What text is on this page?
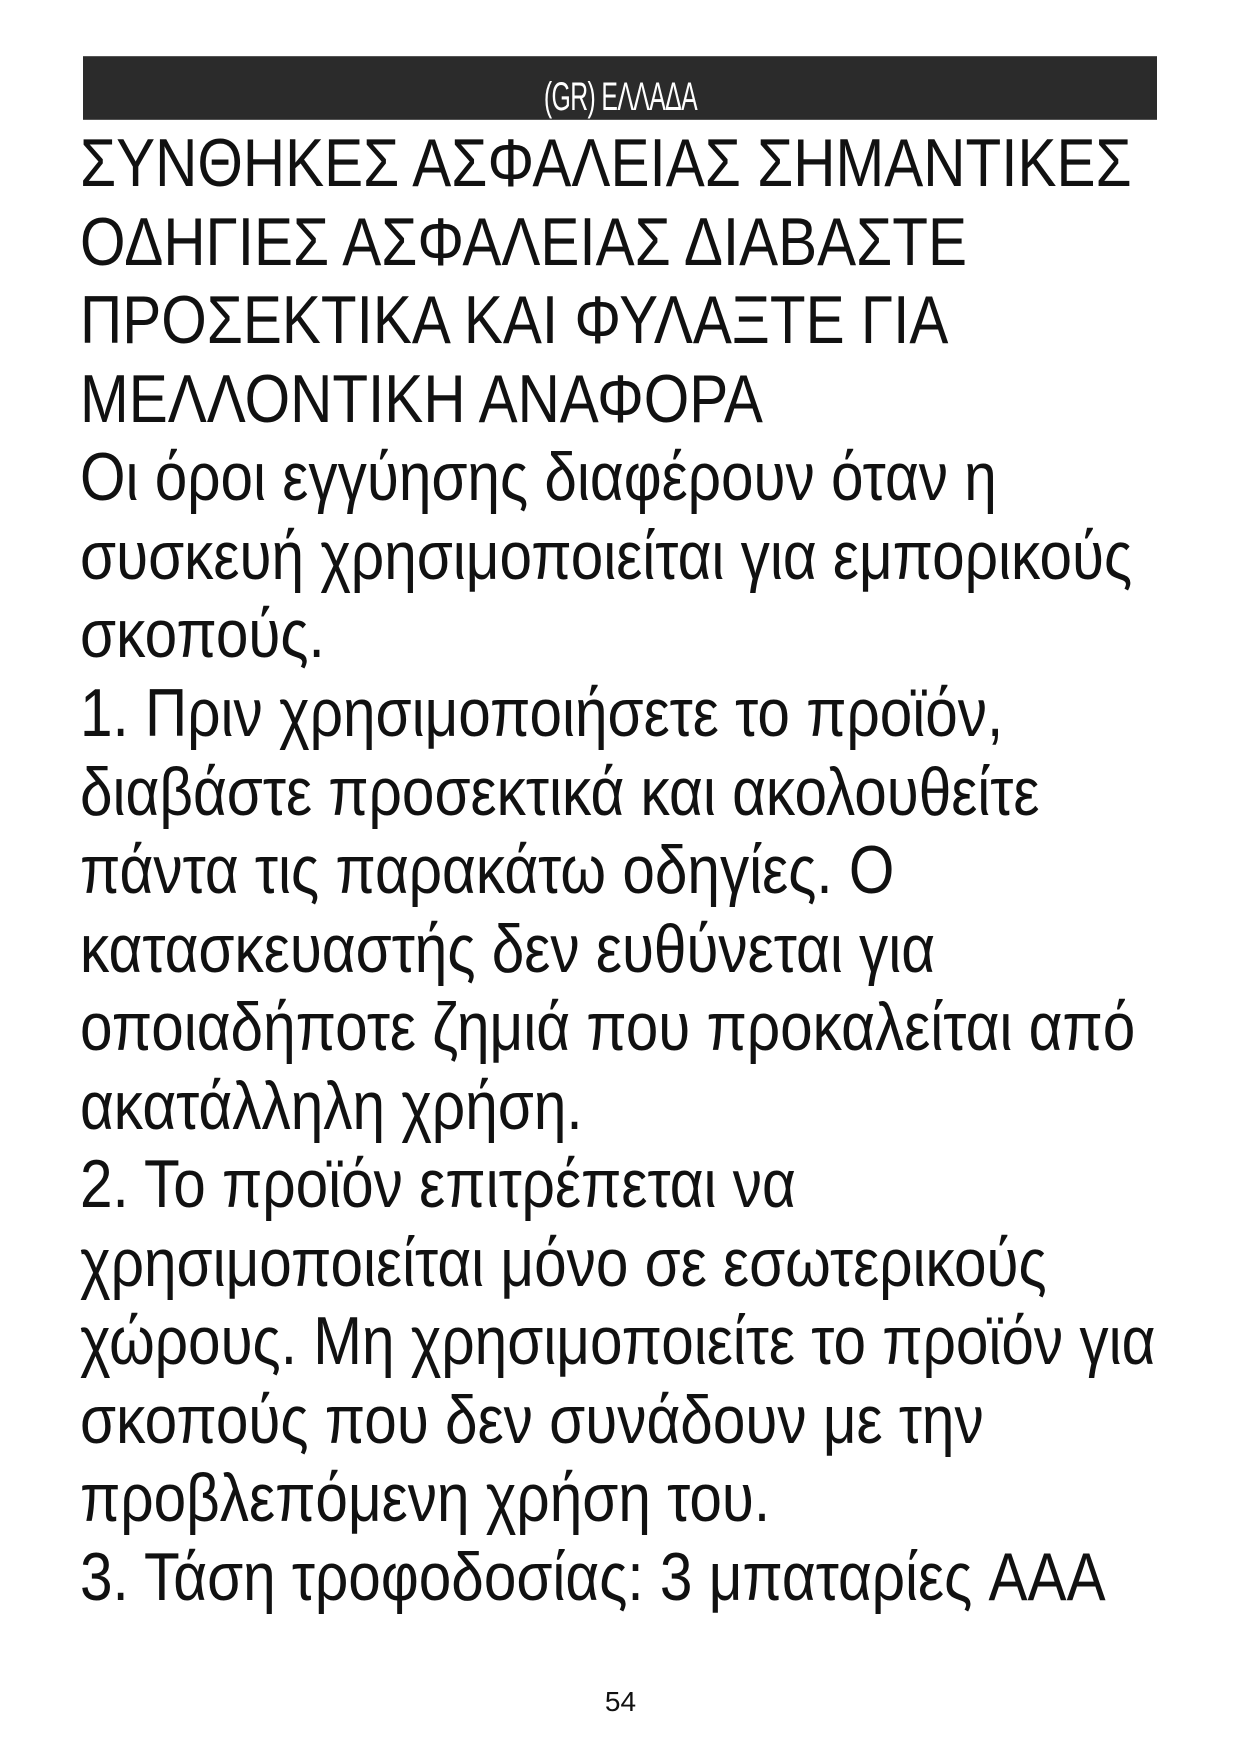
(GR) ΕΛΛΑΔΑ

ΣΥΝΘΗΚΕΣ ΑΣΦΑΛΕΙΑΣ ΣΗΜΑΝΤΙΚΕΣ ΟΔΗΓΙΕΣ ΑΣΦΑΛΕΙΑΣ ΔΙΑΒΑΣΤΕ ΠΡΟΣΕΚΤΙΚΑ ΚΑΙ ΦΥΛΑΞΤΕ ΓΙΑ ΜΕΛΛΟΝΤΙΚΗ ΑΝΑΦΟΡΑ

Οι όροι εγγύησης διαφέρουν όταν η συσκευή χρησιμοποιείται για εμπορικούς σκοπούς.

1. Πριν χρησιμοποιήσετε το προϊόν, διαβάστε προσεκτικά και ακολουθείτε πάντα τις παρακάτω οδηγίες. Ο κατασκευαστής δεν ευθύνεται για οποιαδήποτε ζημιά που προκαλείται από ακατάλληλη χρήση.

2. Το προϊόν επιτρέπεται να χρησιμοποιείται μόνο σε εσωτερικούς χώρους. Μη χρησιμοποιείτε το προϊόν για σκοπούς που δεν συνάδουν με την προβλεπόμενη χρήση του.

3. Τάση τροφοδοσίας: 3 μπαταρίες AAA

54
